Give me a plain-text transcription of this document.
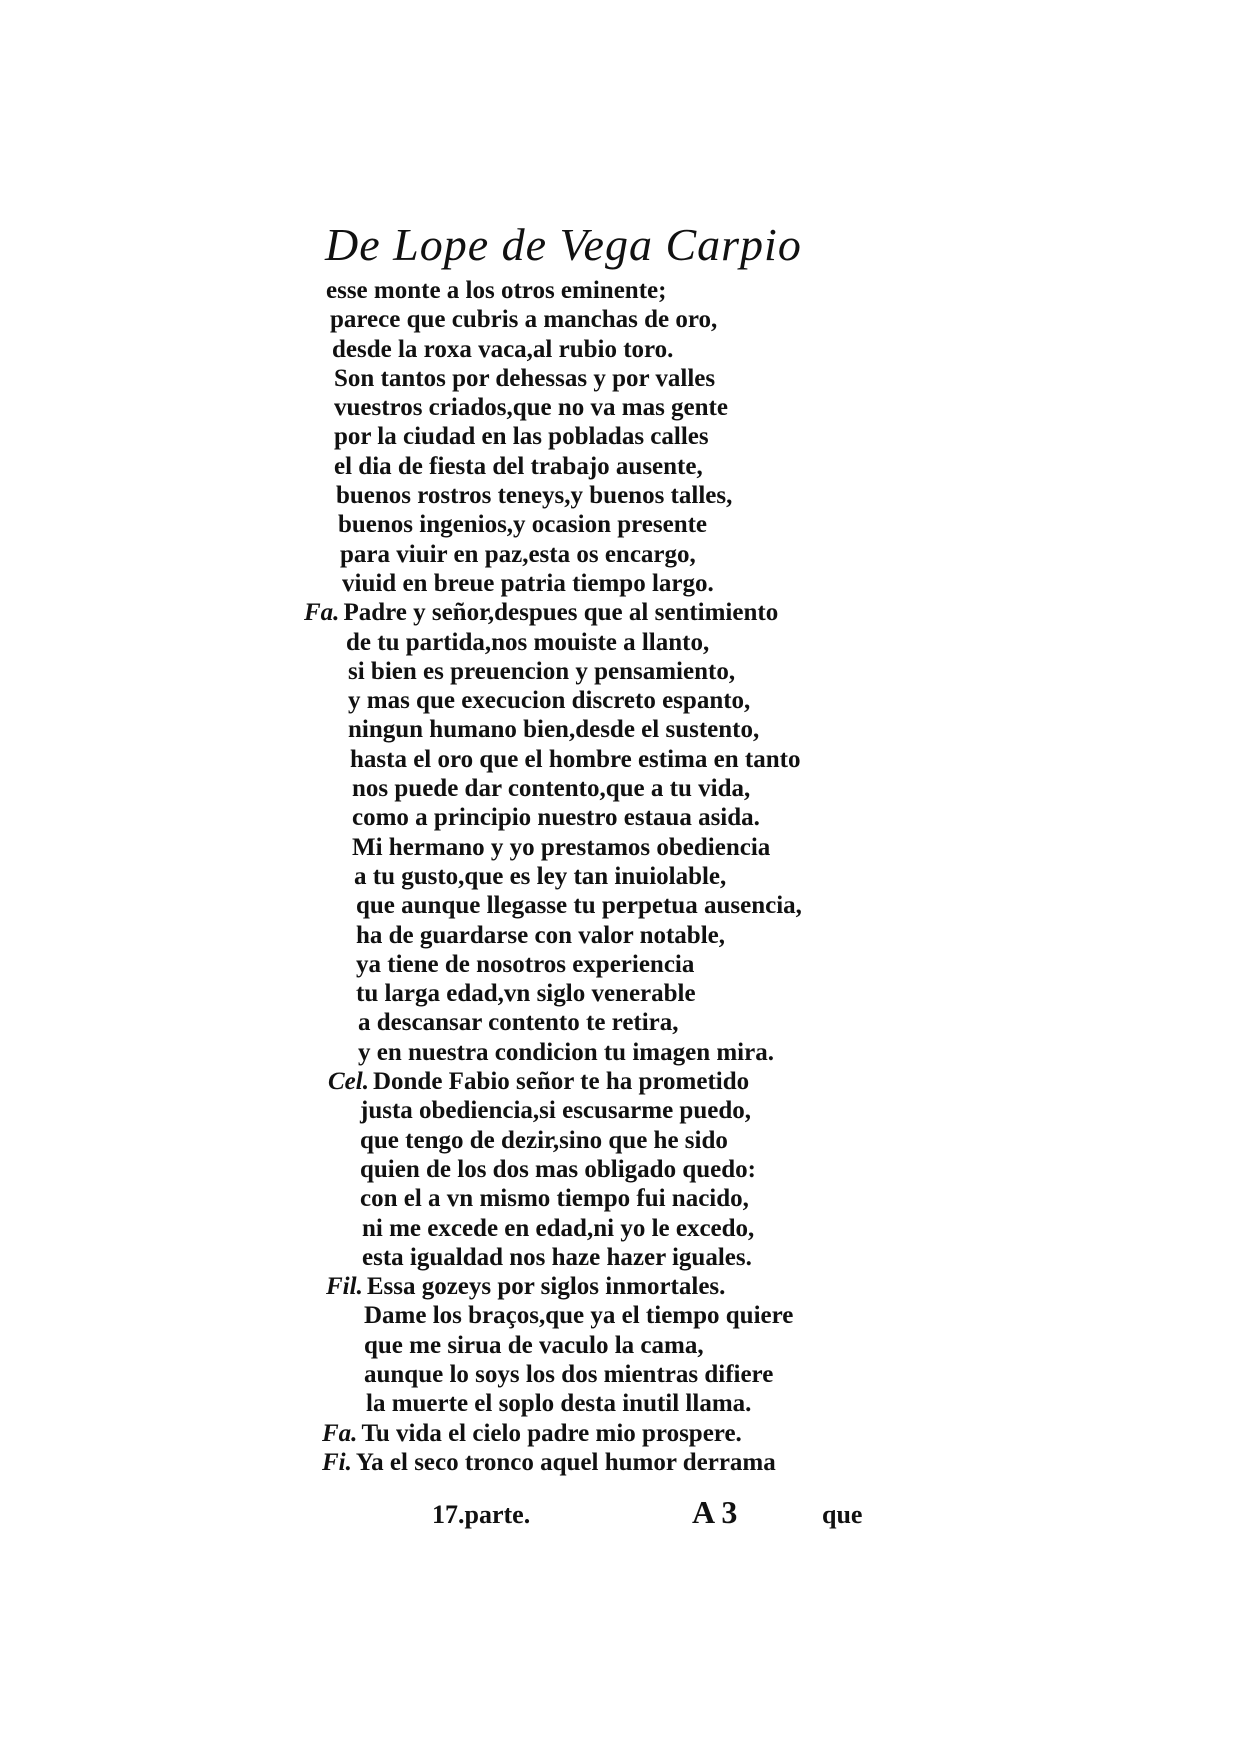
De Lope de Vega Carpio
esse monte a los otros eminente;
parece que cubris a manchas de oro,
desde la roxa vaca,al rubio toro.
Son tantos por dehessas y por valles
vuestros criados,que no va mas gente
por la ciudad en las pobladas calles
el dia de fiesta del trabajo ausente,
buenos rostros teneys,y buenos talles,
buenos ingenios,y ocasion presente
para viuir en paz,esta os encargo,
viuid en breue patria tiempo largo.
Fa. Padre y señor,despues que al sentimiento
de tu partida,nos mouiste a llanto,
si bien es preuencion y pensamiento,
y mas que execucion discreto espanto,
ningun humano bien,desde el sustento,
hasta el oro que el hombre estima en tanto
nos puede dar contento,que a tu vida,
como a principio nuestro estaua asida.
Mi hermano y yo prestamos obediencia
a tu gusto,que es ley tan inuiolable,
que aunque llegasse tu perpetua ausencia,
ha de guardarse con valor notable,
ya tiene de nosotros experiencia
tu larga edad,vn siglo venerable
a descansar contento te retira,
y en nuestra condicion tu imagen mira.
Cel. Donde Fabio señor te ha prometido
justa obediencia,si escusarme puedo,
que tengo de dezir,sino que he sido
quien de los dos mas obligado quedo:
con el a vn mismo tiempo fui nacido,
ni me excede en edad,ni yo le excedo,
esta igualdad nos haze hazer iguales.
Fil. Essa gozeys por siglos inmortales.
Dame los braços,que ya el tiempo quiere
que me sirua de vaculo la cama,
aunque lo soys los dos mientras difiere
la muerte el soplo desta inutil llama.
Fa. Tu vida el cielo padre mio prospere.
Fi. Ya el seco tronco aquel humor derrama
17.parte.	A 3	que
